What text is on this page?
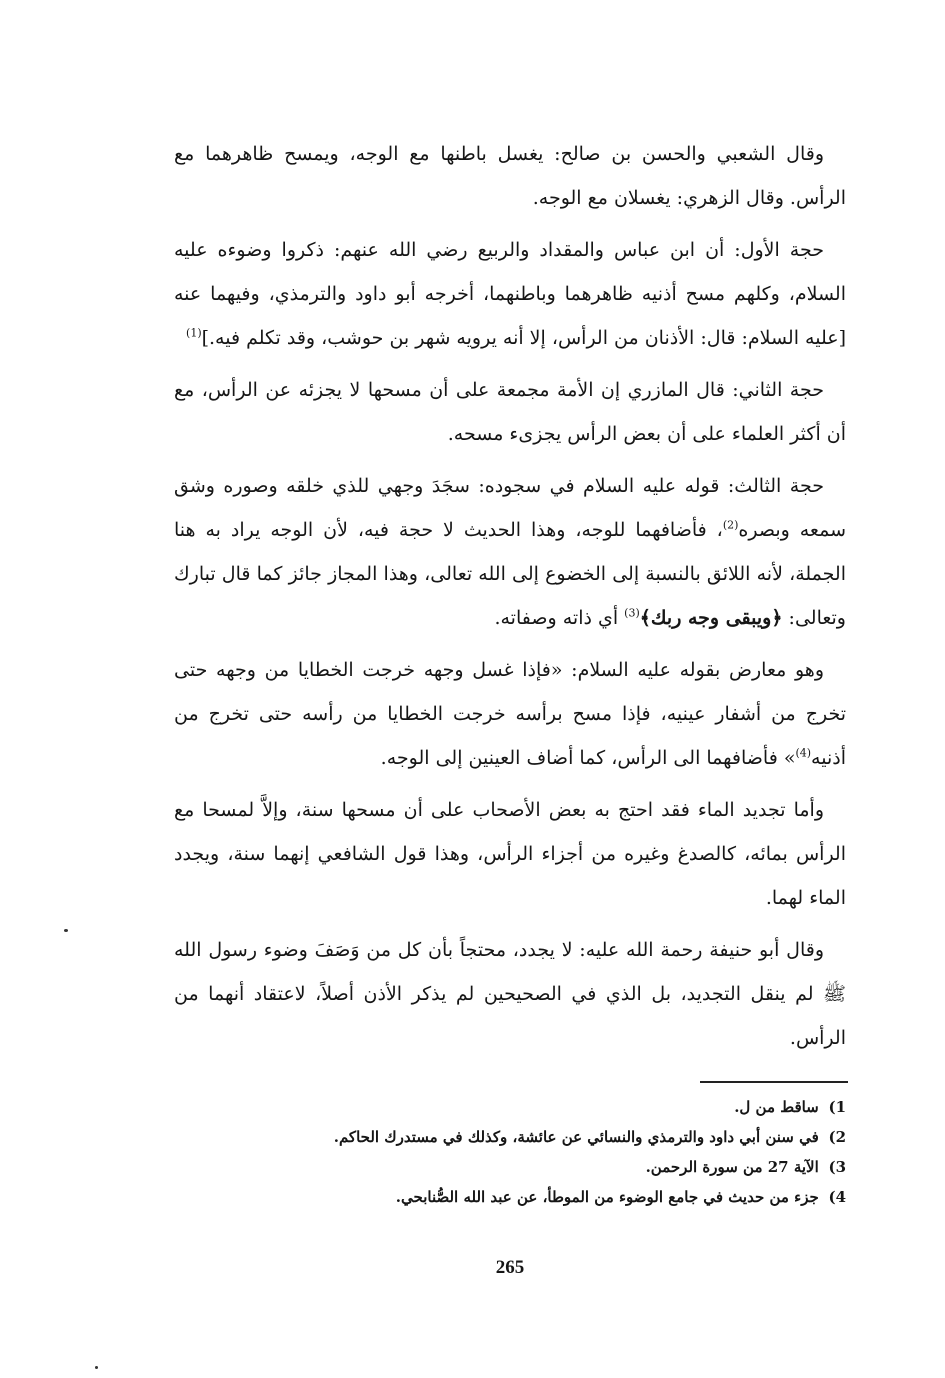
وقال الشعبي والحسن بن صالح: يغسل باطنها مع الوجه، ويمسح ظاهرهما مع الرأس. وقال الزهري: يغسلان مع الوجه.

حجة الأول: أن ابن عباس والمقداد والربيع رضي الله عنهم: ذكروا وضوءه عليه السلام، وكلهم مسح أذنيه ظاهرهما وباطنهما، أخرجه أبو داود والترمذي، وفيهما عنه [عليه السلام: قال: الأذنان من الرأس، إلا أنه يرويه شهر بن حوشب، وقد تكلم فيه.]$^{(1)}$

حجة الثاني: قال المازري إن الأمة مجمعة على أن مسحها لا يجزئه عن الرأس، مع أن أكثر العلماء على أن بعض الرأس يجزىء مسحه.

حجة الثالث: قوله عليه السلام في سجوده: سجَدَ وجهي للذي خلقه وصوره وشق سمعه وبصره$^{(2)}$، فأضافهما للوجه، وهذا الحديث لا حجة فيه، لأن الوجه يراد به هنا الجملة، لأنه اللائق بالنسبة إلى الخضوع إلى الله تعالى، وهذا المجاز جائز كما قال تبارك وتعالى: ﴿ويبقى وجه ربك﴾$^{(3)}$ أي ذاته وصفاته.

وهو معارض بقوله عليه السلام: «فإذا غسل وجهه خرجت الخطايا من وجهه حتى تخرج من أشفار عينيه، فإذا مسح برأسه خرجت الخطايا من رأسه حتى تخرج من أذنيه$^{(4)}$» فأضافهما الى الرأس، كما أضاف العينين إلى الوجه.

وأما تجديد الماء فقد احتج به بعض الأصحاب على أن مسحها سنة، وإلاَّ لمسحا مع الرأس بمائه، كالصدغ وغيره من أجزاء الرأس، وهذا قول الشافعي إنهما سنة، ويجدد الماء لهما.

وقال أبو حنيفة رحمة الله عليه: لا يجدد، محتجاً بأن كل من وَصَفَ وضوء رسول الله ﷺ لم ينقل التجديد، بل الذي في الصحيحين لم يذكر الأذن أصلاً، لاعتقاد أنهما من الرأس.

1) ساقط من ل.

2) في سنن أبي داود والترمذي والنسائي عن عائشة، وكذلك في مستدرك الحاكم.

3) الآية 27 من سورة الرحمن.

4) جزء من حديث في جامع الوضوء من الموطأ، عن عبد الله الصُّنابحي.

265
